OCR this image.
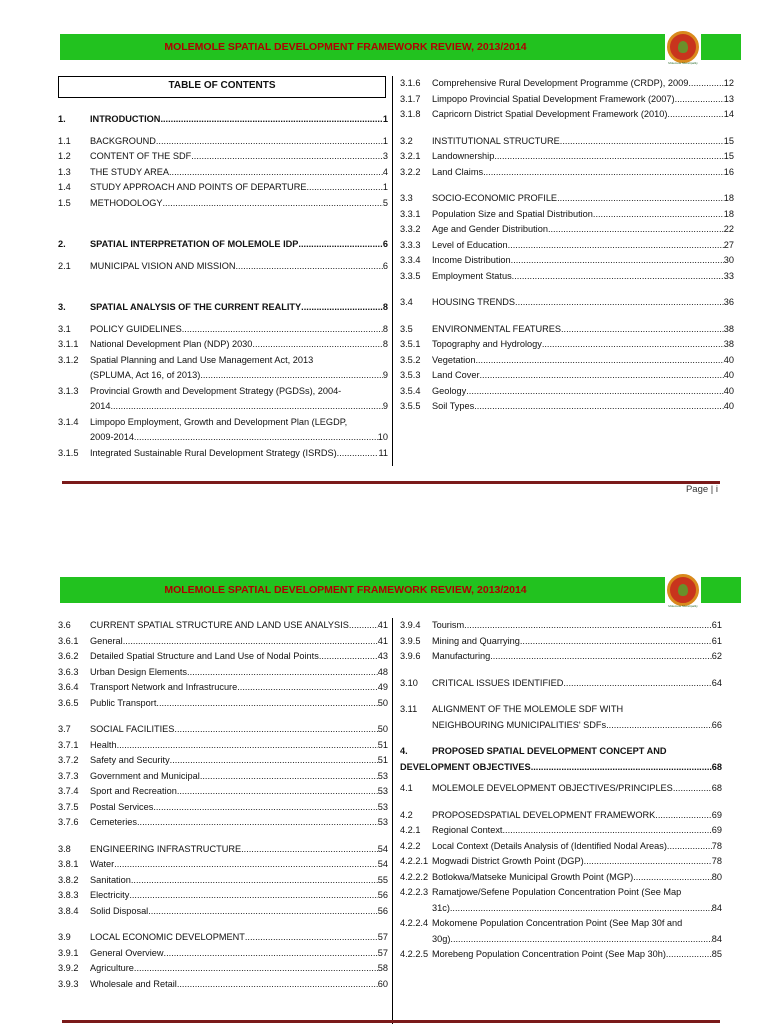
MOLEMOLE SPATIAL DEVELOPMENT FRAMEWORK REVIEW, 2013/2014
Molemole Municipality
TABLE OF CONTENTS
1.	INTRODUCTION .....	1
1.1 BACKGROUND .....	1
1.2 CONTENT OF THE SDF .....	3
1.3 THE STUDY AREA .....	4
1.4 STUDY APPROACH AND POINTS OF DEPARTURE .....	1
1.5 METHODOLOGY .....	5
2.	SPATIAL INTERPRETATION OF MOLEMOLE IDP .....	6
2.1 MUNICIPAL VISION AND MISSION .....	6
3.	SPATIAL ANALYSIS OF THE CURRENT REALITY .....	8
3.1 POLICY GUIDELINES .....	8
3.1.1 National Development Plan (NDP) 2030 .....	8
3.1.2 Spatial Planning and Land Use Management Act, 2013
(SPLUMA, Act 16, of 2013) .....	9
3.1.3 Provincial Growth and Development Strategy (PGDSs), 2004-
2014 .....	9
3.1.4 Limpopo Employment, Growth and Development Plan (LEGDP,
2009-2014. .....	10
3.1.5 Integrated Sustainable Rural Development Strategy (ISRDS) .....	11
3.1.6 Comprehensive Rural Development Programme (CRDP), 2009 .....	12
3.1.7 Limpopo Provincial Spatial Development Framework (2007) .....	13
3.1.8 Capricorn District Spatial Development Framework (2010) .....	14
3.2 INSTITUTIONAL STRUCTURE .....	15
3.2.1 Landownership .....	15
3.2.2 Land Claims .....	16
3.3 SOCIO-ECONOMIC PROFILE .....	18
3.3.1 Population Size and Spatial Distribution .....	18
3.3.2 Age and Gender Distribution .....	22
3.3.3 Level of Education .....	27
3.3.4 Income Distribution .....	30
3.3.5 Employment Status .....	33
3.4 HOUSING TRENDS .....	36
3.5 ENVIRONMENTAL FEATURES .....	38
3.5.1 Topography and Hydrology .....	38
3.5.2 Vegetation .....	40
3.5.3 Land Cover .....	40
3.5.4 Geology .....	40
3.5.5 Soil Types .....	40
Page | i
MOLEMOLE SPATIAL DEVELOPMENT FRAMEWORK REVIEW, 2013/2014
Molemole Municipality
3.6 CURRENT SPATIAL STRUCTURE AND LAND USE ANALYSIS .....	41
3.6.1 General .....	41
3.6.2 Detailed Spatial Structure and Land Use of Nodal Points .....	43
3.6.3 Urban Design Elements .....	48
3.6.4 Transport Network and Infrastrucure .....	49
3.6.5 Public Transport .....	50
3.7 SOCIAL FACILITIES .....	50
3.7.1 Health .....	51
3.7.2 Safety and Security .....	51
3.7.3 Government and Municipal .....	53
3.7.4 Sport and Recreation .....	53
3.7.5 Postal Services .....	53
3.7.6 Cemeteries .....	53
3.8 ENGINEERING INFRASTRUCTURE .....	54
3.8.1 Water .....	54
3.8.2 Sanitation .....	55
3.8.3 Electricity .....	56
3.8.4 Solid Disposal .....	56
3.9 LOCAL ECONOMIC DEVELOPMENT .....	57
3.9.1 General Overview .....	57
3.9.2 Agriculture .....	58
3.9.3 Wholesale and Retail .....	60
3.9.4 Tourism .....	61
3.9.5 Mining and Quarrying .....	61
3.9.6 Manufacturing .....	62
3.10 CRITICAL ISSUES IDENTIFIED .....	64
3.11 ALIGNMENT OF THE MOLEMOLE SDF WITH
NEIGHBOURING MUNICIPALITIES' SDFs .....	66
4.	PROPOSED SPATIAL DEVELOPMENT CONCEPT AND
DEVELOPMENT OBJECTIVES .....	68
4.1 MOLEMOLE DEVELOPMENT OBJECTIVES/PRINCIPLES .....	68
4.2 PROPOSEDSPATIAL DEVELOPMENT FRAMEWORK .....	69
4.2.1 Regional Context .....	69
4.2.2 Local Context (Details Analysis of (Identified Nodal Areas) .....	78
4.2.2.1 Mogwadi District Growth Point (DGP) .....	78
4.2.2.2 Botlokwa/Matseke Municipal Growth Point (MGP) .....	80
4.2.2.3 Ramatjowe/Sefene Population Concentration Point (See Map
31c) .....	84
4.2.2.4 Mokomene Population Concentration Point (See Map 30f and
30g) .....	84
4.2.2.5 Morebeng Population Concentration Point (See Map 30h) .....	85
